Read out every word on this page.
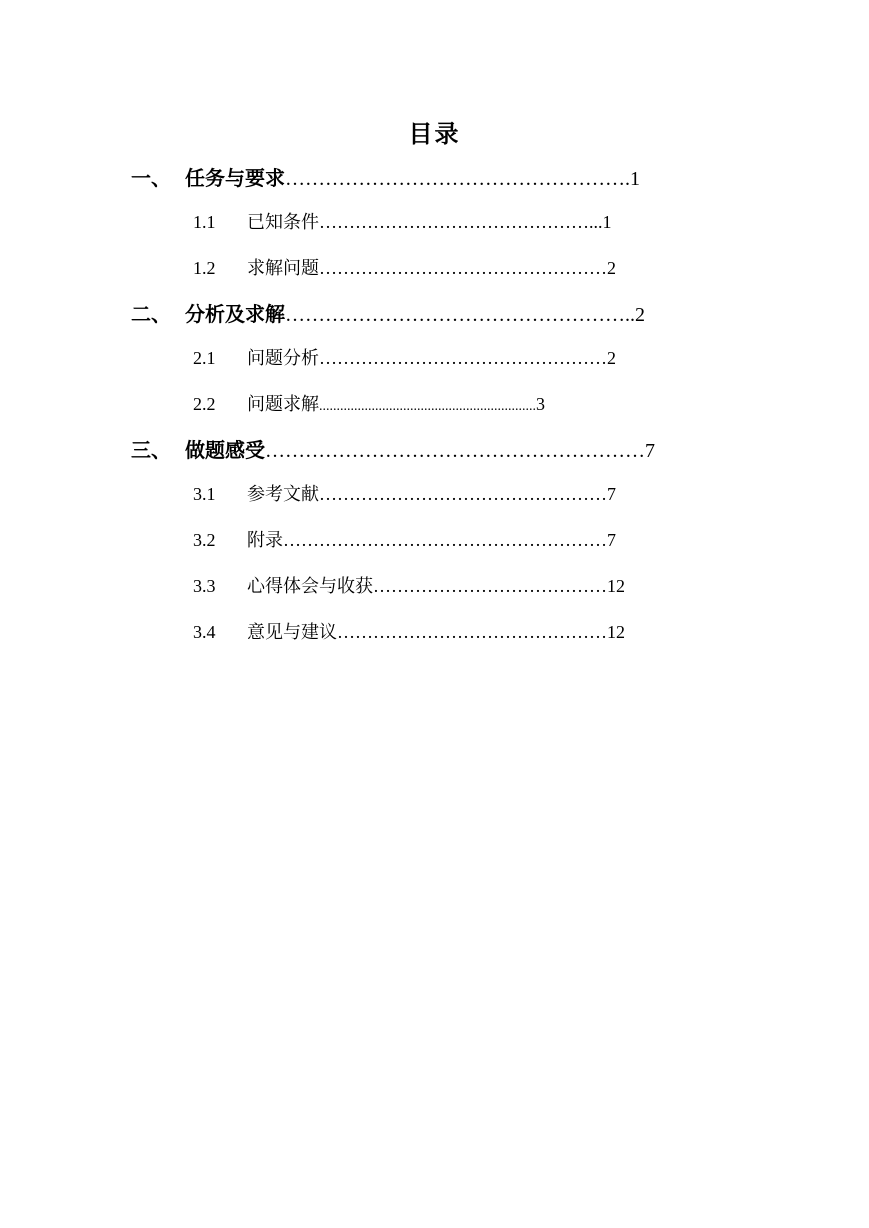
目录
一、 任务与要求…………………………………………….1
1.1 已知条件………………………………………...1
1.2 求解问题…………………………………………2
二、 分析及求解……………………………………………..2
2.1 问题分析…………………………………………2
2.2 问题求解..............................................................3
三、 做题感受…………………………………………………7
3.1 参考文献…………………………………………7
3.2 附录………………………………………………7
3.3 心得体会与收获…………………………………12
3.4 意见与建议………………………………………12
